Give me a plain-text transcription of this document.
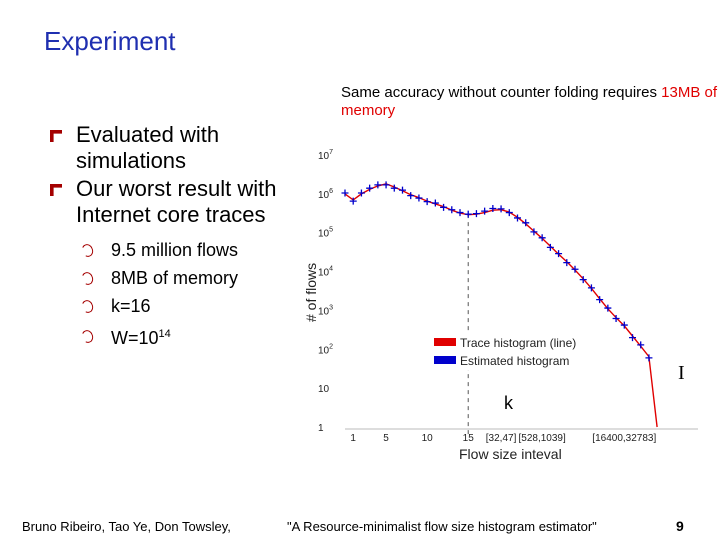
Experiment
Evaluated with simulations
Our worst result with Internet core traces
9.5 million flows
8MB of memory
k=16
$W=10^{14}$
Same accuracy without counter folding requires 13MB of memory
1
10
$10^2$
$10^3$
$10^4$
$10^5$
$10^6$
$10^7$
1	5	10	15 [32,47] [528,1039]	[16400,32783]
Trace histogram (line)
Estimated histogram
# of flows
Flow size inteval
k
I
Bruno Ribeiro, Tao Ye, Don Towsley,	"A Resource-minimalist flow size histogram estimator"	9
